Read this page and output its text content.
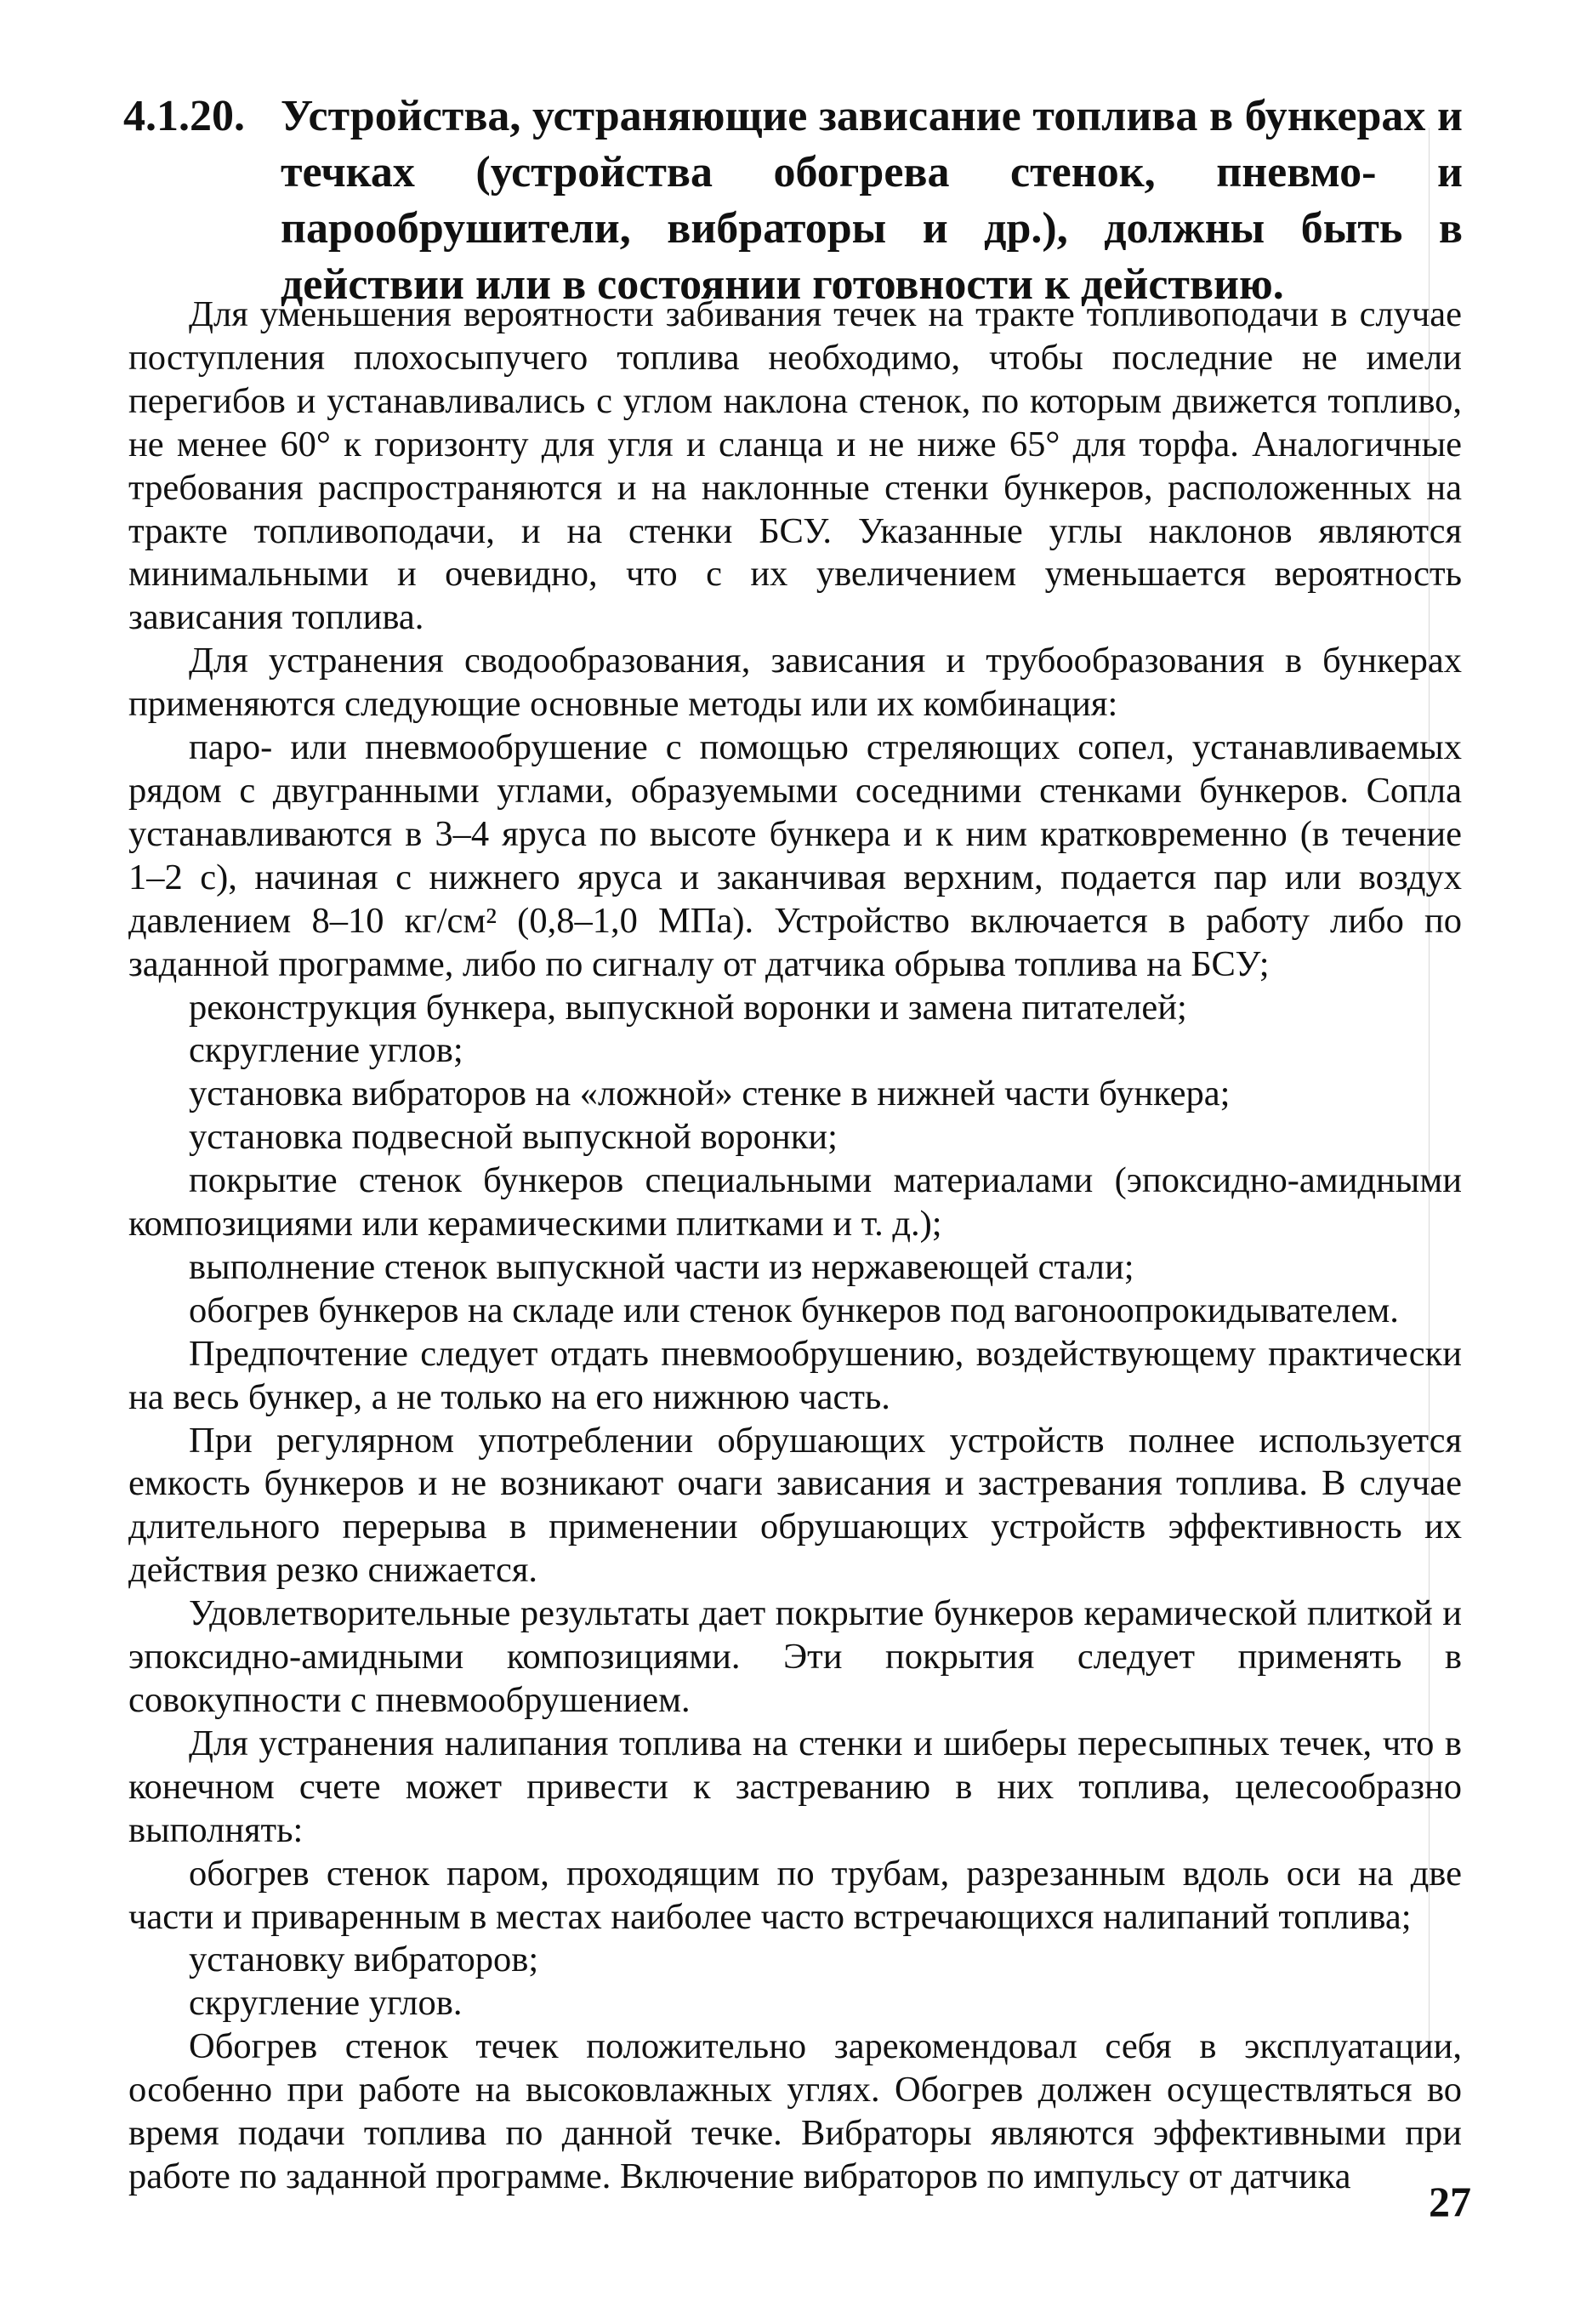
4.1.20. Устройства, устраняющие зависание топлива в бункерах и течках (устройства обогрева стенок, пневмо- и парообрушители, вибраторы и др.), должны быть в действии или в состоянии готовности к действию.

Для уменьшения вероятности забивания течек на тракте топливоподачи в случае поступления плохосыпучего топлива необходимо, чтобы последние не имели перегибов и устанавливались с углом наклона стенок, по которым движется топливо, не менее 60° к горизонту для угля и сланца и не ниже 65° для торфа. Аналогичные требования распространяются и на наклонные стенки бункеров, расположенных на тракте топливоподачи, и на стенки БСУ. Указанные углы наклонов являются минимальными и очевидно, что с их увеличением уменьшается вероятность зависания топлива.

Для устранения сводообразования, зависания и трубообразования в бункерах применяются следующие основные методы или их комбинация:

паро- или пневмообрушение с помощью стреляющих сопел, устанавливаемых рядом с двугранными углами, образуемыми соседними стенками бункеров. Сопла устанавливаются в 3–4 яруса по высоте бункера и к ним кратковременно (в течение 1–2 с), начиная с нижнего яруса и заканчивая верхним, подается пар или воздух давлением 8–10 кг/см² (0,8–1,0 МПа). Устройство включается в работу либо по заданной программе, либо по сигналу от датчика обрыва топлива на БСУ;

реконструкция бункера, выпускной воронки и замена питателей;

скругление углов;

установка вибраторов на «ложной» стенке в нижней части бункера;

установка подвесной выпускной воронки;

покрытие стенок бункеров специальными материалами (эпоксидно-амидными композициями или керамическими плитками и т. д.);

выполнение стенок выпускной части из нержавеющей стали;

обогрев бункеров на складе или стенок бункеров под вагоноопрокидывателем.

Предпочтение следует отдать пневмообрушению, воздействующему практически на весь бункер, а не только на его нижнюю часть.

При регулярном употреблении обрушающих устройств полнее используется емкость бункеров и не возникают очаги зависания и застревания топлива. В случае длительного перерыва в применении обрушающих устройств эффективность их действия резко снижается.

Удовлетворительные результаты дает покрытие бункеров керамической плиткой и эпоксидно-амидными композициями. Эти покрытия следует применять в совокупности с пневмообрушением.

Для устранения налипания топлива на стенки и шиберы пересыпных течек, что в конечном счете может привести к застреванию в них топлива, целесообразно выполнять:

обогрев стенок паром, проходящим по трубам, разрезанным вдоль оси на две части и приваренным в местах наиболее часто встречающихся налипаний топлива;

установку вибраторов;

скругление углов.

Обогрев стенок течек положительно зарекомендовал себя в эксплуатации, особенно при работе на высоковлажных углях. Обогрев должен осуществляться во время подачи топлива по данной течке. Вибраторы являются эффективными при работе по заданной программе. Включение вибраторов по импульсу от датчика

27
